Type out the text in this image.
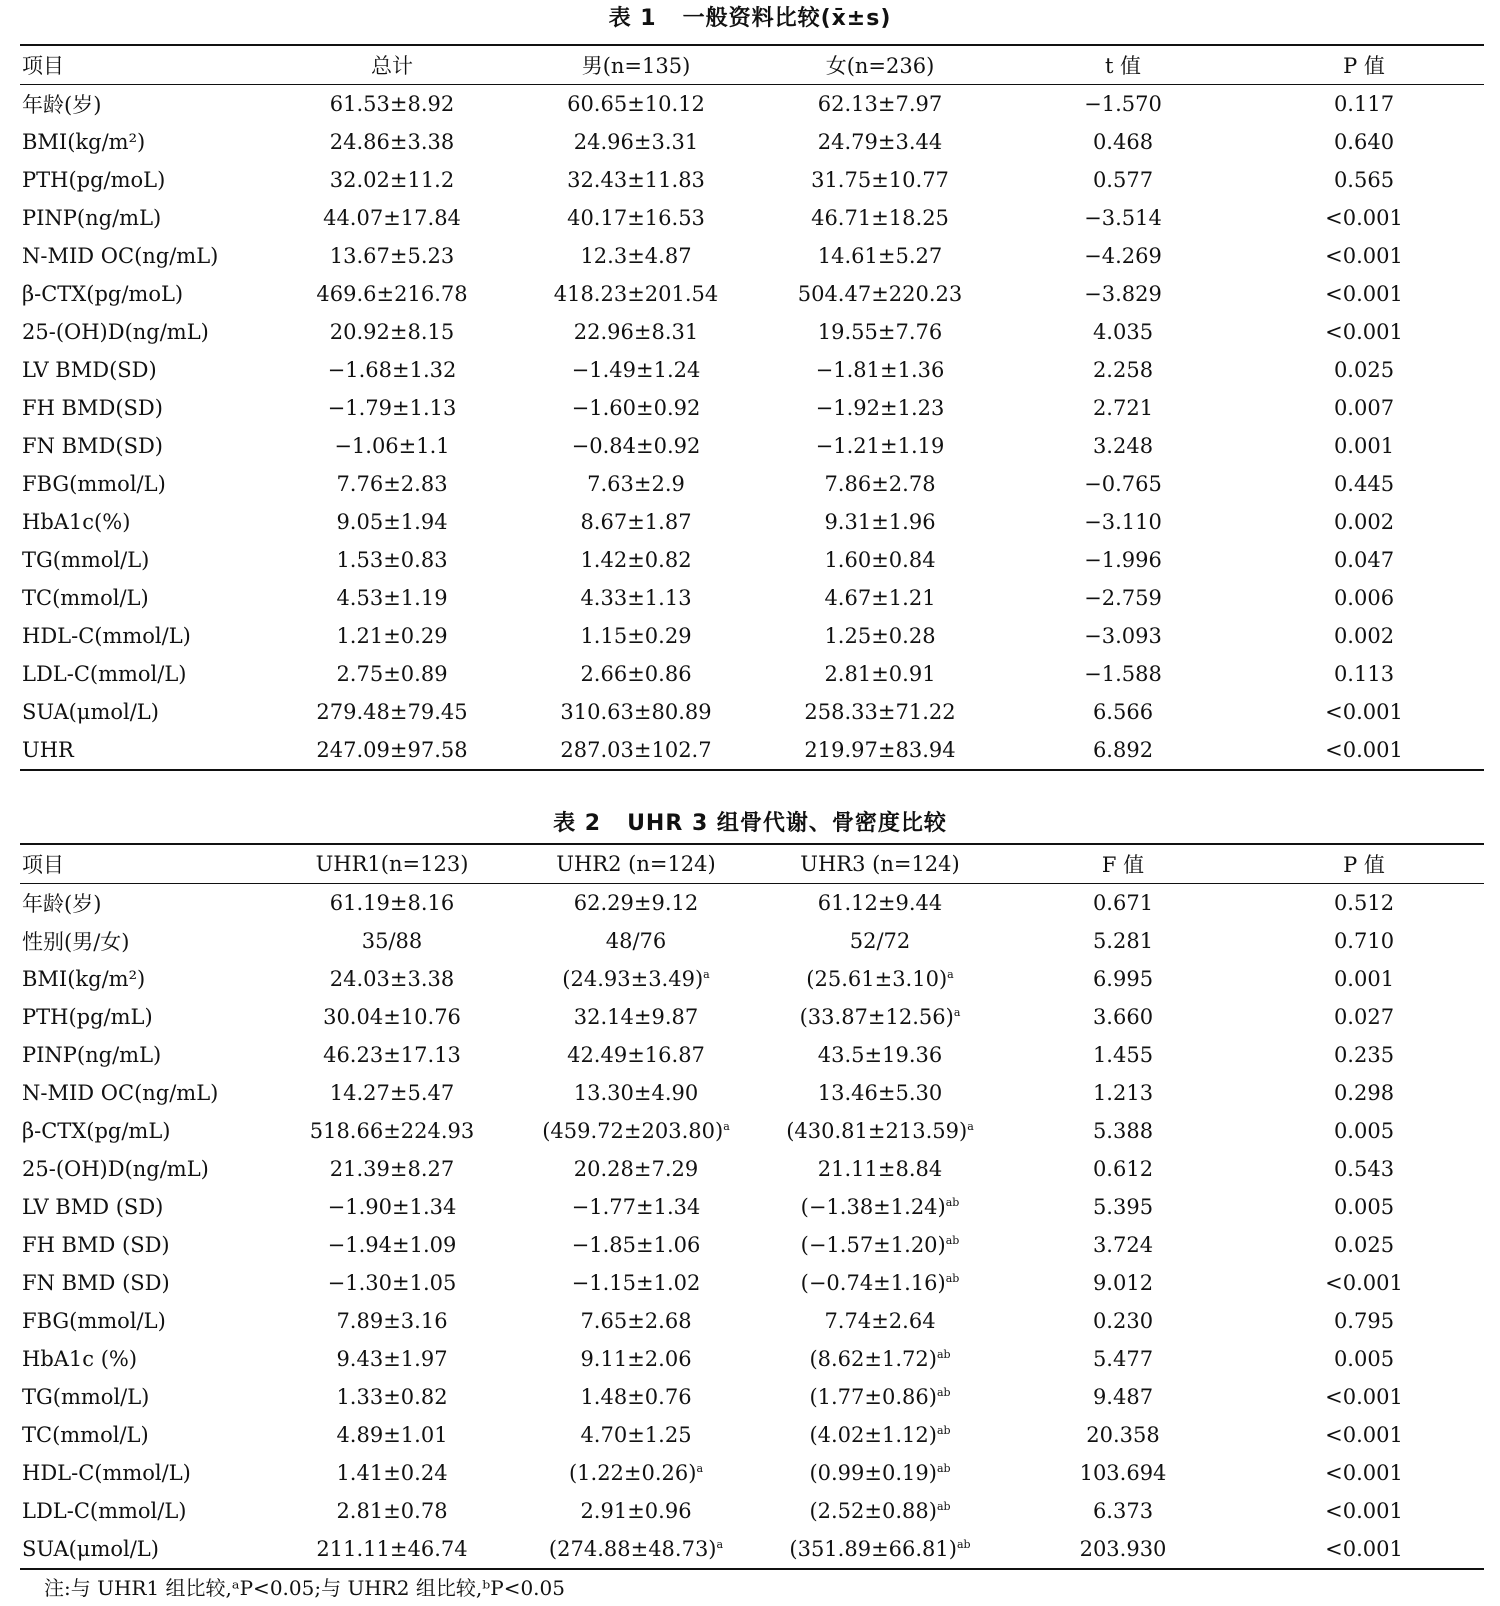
表 1 一般资料比较(x̄±s)
项目	总计	男(n=135)	女(n=236)	t 值	P 值
年龄(岁)	61.53±8.92	60.65±10.12	62.13±7.97	−1.570	0.117
BMI(kg/m²)	24.86±3.38	24.96±3.31	24.79±3.44	0.468	0.640
PTH(pg/moL)	32.02±11.2	32.43±11.83	31.75±10.77	0.577	0.565
PINP(ng/mL)	44.07±17.84	40.17±16.53	46.71±18.25	−3.514	<0.001
N-MID OC(ng/mL)	13.67±5.23	12.3±4.87	14.61±5.27	−4.269	<0.001
β-CTX(pg/moL)	469.6±216.78	418.23±201.54	504.47±220.23	−3.829	<0.001
25-(OH)D(ng/mL)	20.92±8.15	22.96±8.31	19.55±7.76	4.035	<0.001
LV BMD(SD)	−1.68±1.32	−1.49±1.24	−1.81±1.36	2.258	0.025
FH BMD(SD)	−1.79±1.13	−1.60±0.92	−1.92±1.23	2.721	0.007
FN BMD(SD)	−1.06±1.1	−0.84±0.92	−1.21±1.19	3.248	0.001
FBG(mmol/L)	7.76±2.83	7.63±2.9	7.86±2.78	−0.765	0.445
HbA1c(%)	9.05±1.94	8.67±1.87	9.31±1.96	−3.110	0.002
TG(mmol/L)	1.53±0.83	1.42±0.82	1.60±0.84	−1.996	0.047
TC(mmol/L)	4.53±1.19	4.33±1.13	4.67±1.21	−2.759	0.006
HDL-C(mmol/L)	1.21±0.29	1.15±0.29	1.25±0.28	−3.093	0.002
LDL-C(mmol/L)	2.75±0.89	2.66±0.86	2.81±0.91	−1.588	0.113
SUA(μmol/L)	279.48±79.45	310.63±80.89	258.33±71.22	6.566	<0.001
UHR	247.09±97.58	287.03±102.7	219.97±83.94	6.892	<0.001
表 2 UHR 3 组骨代谢、骨密度比较
项目	UHR1(n=123)	UHR2 (n=124)	UHR3 (n=124)	F 值	P 值
年龄(岁)	61.19±8.16	62.29±9.12	61.12±9.44	0.671	0.512
性别(男/女)	35/88	48/76	52/72	5.281	0.710
BMI(kg/m²)	24.03±3.38	$(24.93\pm 3.49)^a$	$(25.61\pm 3.10)^a$	6.995	0.001
PTH(pg/mL)	30.04±10.76	32.14±9.87	$(33.87\pm 12.56)^a$	3.660	0.027
PINP(ng/mL)	46.23±17.13	42.49±16.87	43.5±19.36	1.455	0.235
N-MID OC(ng/mL)	14.27±5.47	13.30±4.90	13.46±5.30	1.213	0.298
β-CTX(pg/mL)	518.66±224.93	$(459.72\pm 203.80)^a$	$(430.81\pm 213.59)^a$	5.388	0.005
25-(OH)D(ng/mL)	21.39±8.27	20.28±7.29	21.11±8.84	0.612	0.543
LV BMD (SD)	−1.90±1.34	−1.77±1.34	$(-1.38\pm 1.24)^{ab}$	5.395	0.005
FH BMD (SD)	−1.94±1.09	−1.85±1.06	$(-1.57\pm 1.20)^{ab}$	3.724	0.025
FN BMD (SD)	−1.30±1.05	−1.15±1.02	$(-0.74\pm 1.16)^{ab}$	9.012	<0.001
FBG(mmol/L)	7.89±3.16	7.65±2.68	7.74±2.64	0.230	0.795
HbA1c (%)	9.43±1.97	9.11±2.06	$(8.62\pm 1.72)^{ab}$	5.477	0.005
TG(mmol/L)	1.33±0.82	1.48±0.76	$(1.77\pm 0.86)^{ab}$	9.487	<0.001
TC(mmol/L)	4.89±1.01	4.70±1.25	$(4.02\pm 1.12)^{ab}$	20.358	<0.001
HDL-C(mmol/L)	1.41±0.24	$(1.22\pm 0.26)^a$	$(0.99\pm 0.19)^{ab}$	103.694	<0.001
LDL-C(mmol/L)	2.81±0.78	2.91±0.96	$(2.52\pm 0.88)^{ab}$	6.373	<0.001
SUA(μmol/L)	211.11±46.74	$(274.88\pm 48.73)^a$	$(351.89\pm 66.81)^{ab}$	203.930	<0.001
注:与 UHR1 组比较,ᵃP<0.05;与 UHR2 组比较,ᵇP<0.05
